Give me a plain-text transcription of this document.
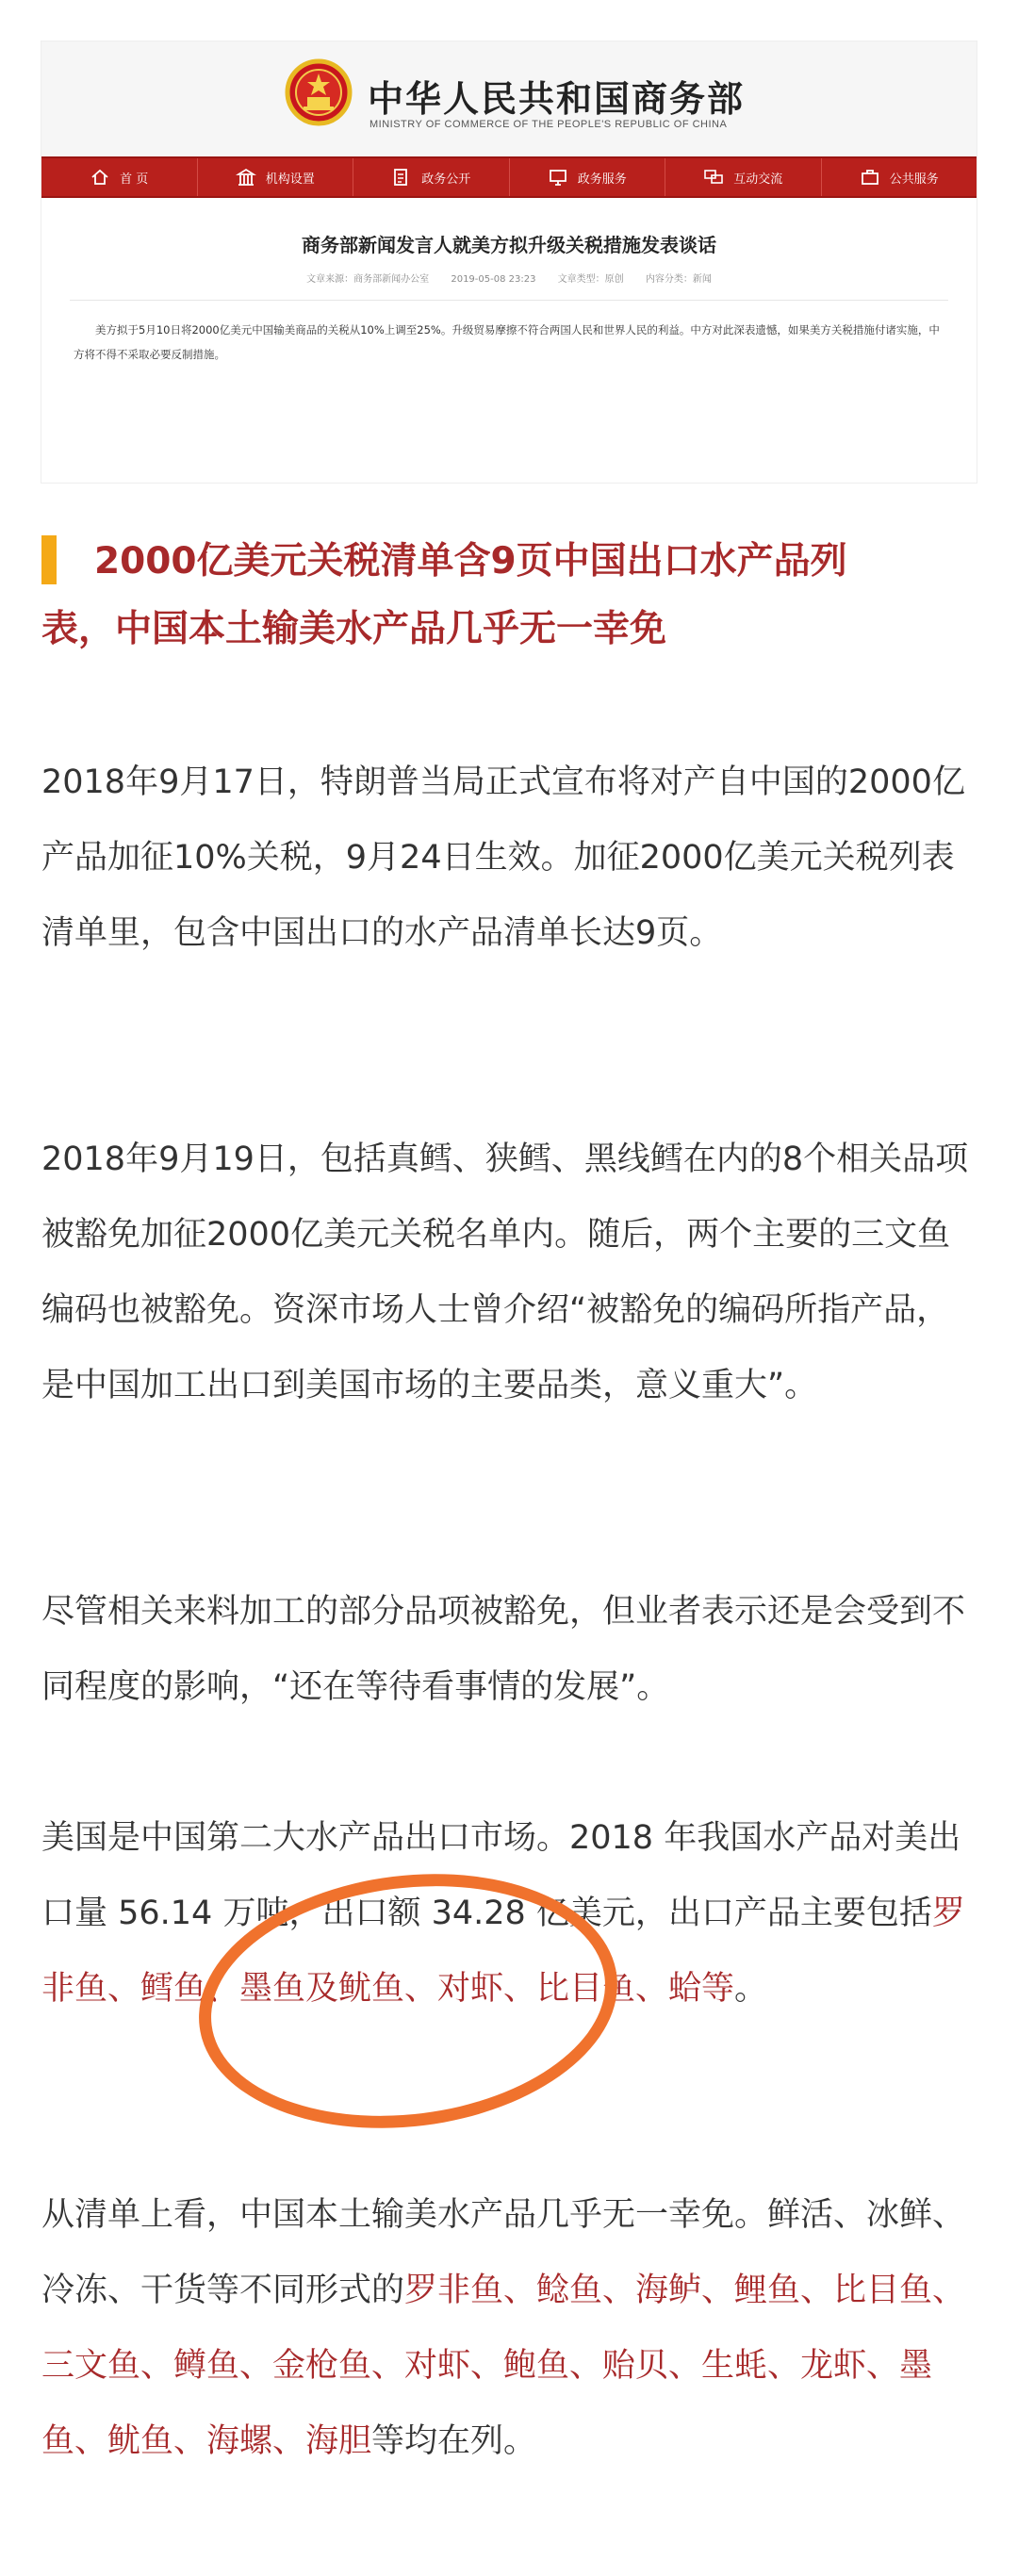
中华人民共和国商务部
MINISTRY OF COMMERCE OF THE PEOPLE'S REPUBLIC OF CHINA
首 页	机构设置	政务公开	政务服务	互动交流	公共服务
商务部新闻发言人就美方拟升级关税措施发表谈话
文章来源：商务部新闻办公室 2019-05-08 23:23 文章类型：原创 内容分类：新闻
美方拟于5月10日将2000亿美元中国输美商品的关税从10%上调至25%。升级贸易摩擦不符合两国人民和世界人民的利益。中方对此深表遗憾，如果美方关税措施付诸实施，中方将不得不采取必要反制措施。
2000亿美元关税清单含9页中国出口水产品列
表，中国本土输美水产品几乎无一幸免

2018年9月17日，特朗普当局正式宣布将对产自中国的2000亿产品加征10%关税，9月24日生效。加征2000亿美元关税列表清单里，包含中国出口的水产品清单长达9页。

2018年9月19日，包括真鳕、狭鳕、黑线鳕在内的8个相关品项被豁免加征2000亿美元关税名单内。随后，两个主要的三文鱼编码也被豁免。资深市场人士曾介绍“被豁免的编码所指产品，是中国加工出口到美国市场的主要品类，意义重大”。

尽管相关来料加工的部分品项被豁免，但业者表示还是会受到不同程度的影响，“还在等待看事情的发展”。

美国是中国第二大水产品出口市场。2018 年我国水产品对美出口量 56.14 万吨，出口额 34.28 亿美元，出口产品主要包括罗非鱼、鳕鱼、墨鱼及鱿鱼、对虾、比目鱼、蛤等。

从清单上看，中国本土输美水产品几乎无一幸免。鲜活、冰鲜、冷冻、干货等不同形式的罗非鱼、鲶鱼、海鲈、鲤鱼、比目鱼、三文鱼、鳟鱼、金枪鱼、对虾、鲍鱼、贻贝、生蚝、龙虾、墨鱼、鱿鱼、海螺、海胆等均在列。
